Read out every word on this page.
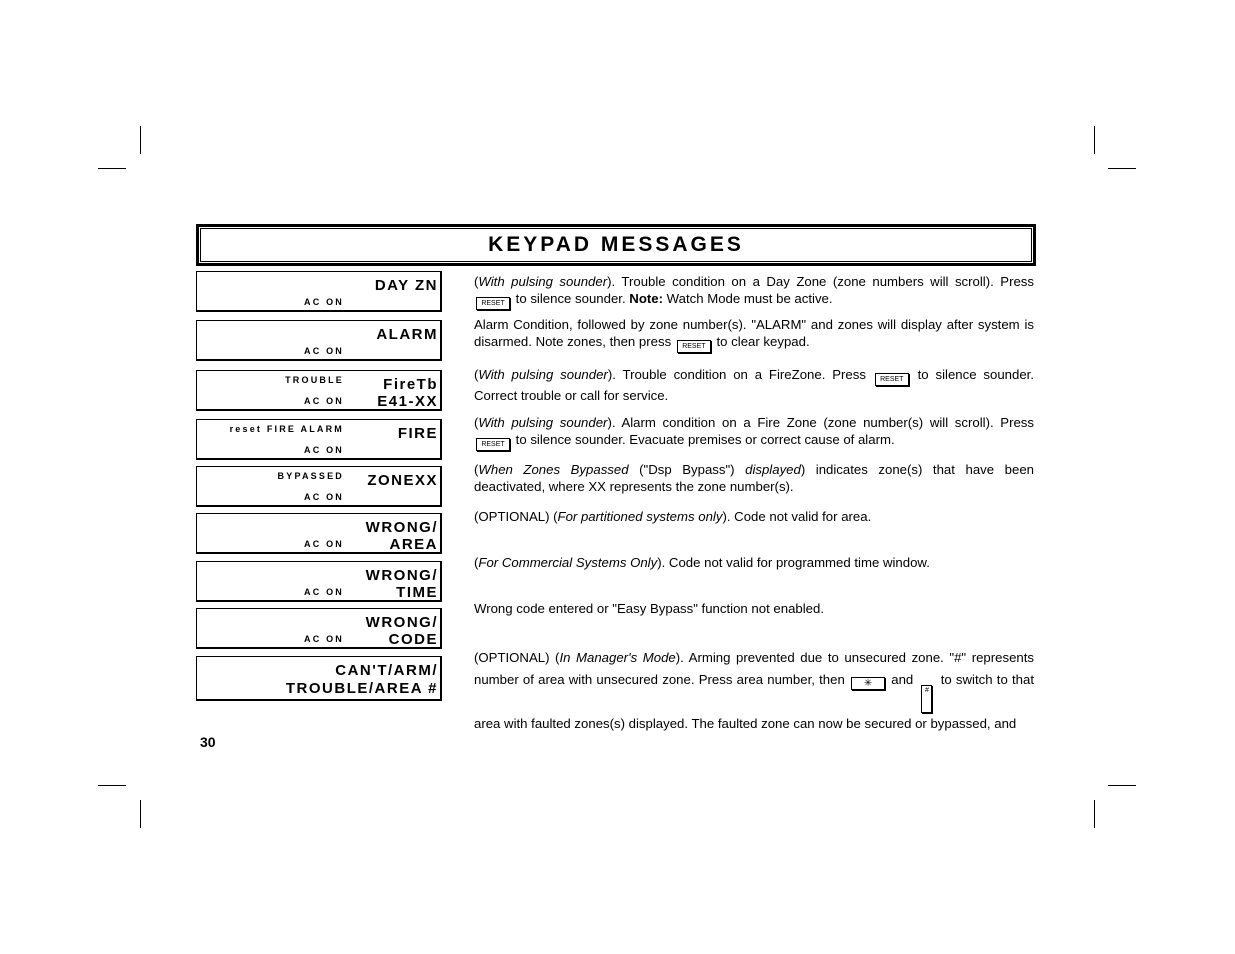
KEYPAD MESSAGES
DAY ZN
AC ON
ALARM
AC ON
TROUBLE	FireTb
E41-XX
AC ON
reset FIRE ALARM	FIRE
AC ON
BYPASSED ZONEXX
AC ON
WRONG/
AREA
AC ON
WRONG/
TIME
AC ON
WRONG/
CODE
AC ON
CAN'T/ARM/
TROUBLE/AREA #
(With pulsing sounder). Trouble condition on a Day Zone (zone numbers will scroll). Press RESET to silence sounder. Note: Watch Mode must be active.
Alarm Condition, followed by zone number(s). "ALARM" and zones will display after system is disarmed. Note zones, then press RESET to clear keypad.
(With pulsing sounder). Trouble condition on a FireZone. Press RESET to silence sounder. Correct trouble or call for service.
(With pulsing sounder). Alarm condition on a Fire Zone (zone number(s) will scroll). Press RESET to silence sounder. Evacuate premises or correct cause of alarm.
(When Zones Bypassed ("Dsp Bypass") displayed) indicates zone(s) that have been deactivated, where XX represents the zone number(s).
(OPTIONAL) (For partitioned systems only). Code not valid for area.
(For Commercial Systems Only). Code not valid for programmed time window.
Wrong code entered or "Easy Bypass" function not enabled.
(OPTIONAL) (In Manager's Mode). Arming prevented due to unsecured zone. "#" represents number of area with unsecured zone. Press area number, then ✳ and # to switch to that area with faulted zones(s) displayed. The faulted zone can now be secured or bypassed, and
30
